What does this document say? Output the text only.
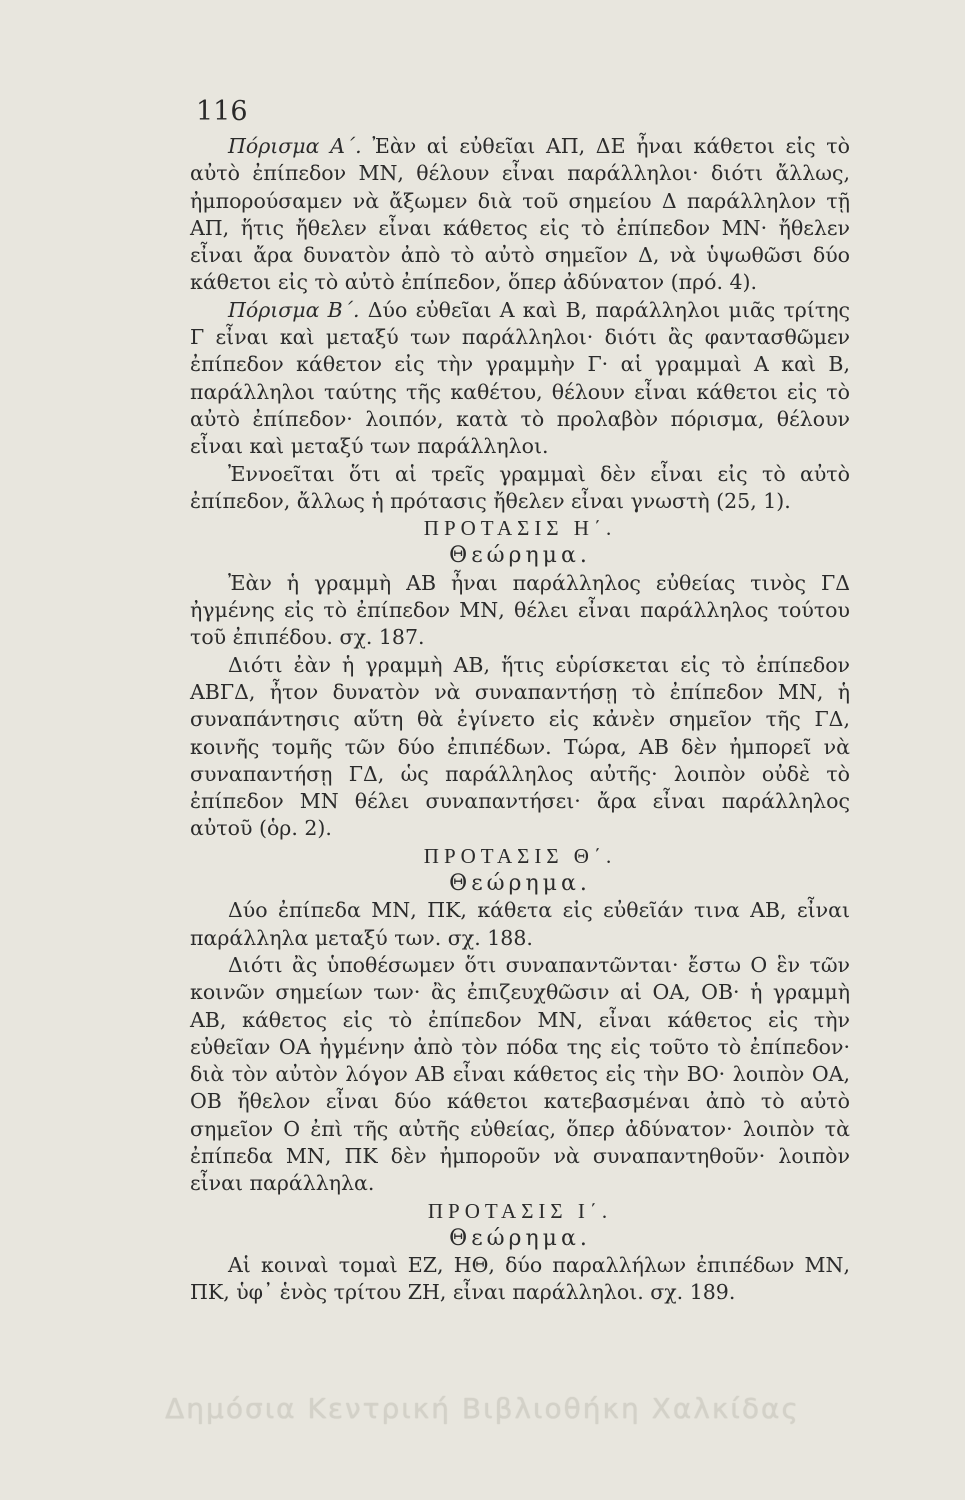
116

Πόρισμα Α΄. Ἐὰν αἱ εὐθεῖαι ΑΠ, ΔΕ ἦναι κάθετοι εἰς τὸ αὐτὸ ἐπίπεδον ΜΝ, θέλουν εἶναι παράλληλοι· διότι ἄλλως, ἠμπορούσαμεν νὰ ἄξωμεν διὰ τοῦ σημείου Δ παράλληλον τῇ ΑΠ, ἥτις ἤθελεν εἶναι κάθετος εἰς τὸ ἐπίπεδον ΜΝ· ἤθελεν εἶναι ἄρα δυνατὸν ἀπὸ τὸ αὐτὸ σημεῖον Δ, νὰ ὑψωθῶσι δύο κάθετοι εἰς τὸ αὐτὸ ἐπίπεδον, ὅπερ ἀδύνατον (πρό. 4).

Πόρισμα Β΄. Δύο εὐθεῖαι Α καὶ Β, παράλληλοι μιᾶς τρίτης Γ εἶναι καὶ μεταξύ των παράλληλοι· διότι ἂς φαντασθῶμεν ἐπίπεδον κάθετον εἰς τὴν γραμμὴν Γ· αἱ γραμμαὶ Α καὶ Β, παράλληλοι ταύτης τῆς καθέτου, θέλουν εἶναι κάθετοι εἰς τὸ αὐτὸ ἐπίπεδον· λοιπόν, κατὰ τὸ προλαβὸν πόρισμα, θέλουν εἶναι καὶ μεταξύ των παράλληλοι.

Ἐννοεῖται ὅτι αἱ τρεῖς γραμμαὶ δὲν εἶναι εἰς τὸ αὐτὸ ἐπίπεδον, ἄλλως ἡ πρότασις ἤθελεν εἶναι γνωστὴ (25, 1).

ΠΡΟΤΑΣΙΣ Η΄.

Θεώρημα.

Ἐὰν ἡ γραμμὴ ΑΒ ἦναι παράλληλος εὐθείας τινὸς ΓΔ ἠγμένης εἰς τὸ ἐπίπεδον ΜΝ, θέλει εἶναι παράλληλος τούτου τοῦ ἐπιπέδου. σχ. 187.

Διότι ἐὰν ἡ γραμμὴ ΑΒ, ἥτις εὑρίσκεται εἰς τὸ ἐπίπεδον ΑΒΓΔ, ἦτον δυνατὸν νὰ συναπαντήσῃ τὸ ἐπίπεδον ΜΝ, ἡ συναπάντησις αὕτη θὰ ἐγίνετο εἰς κἀνὲν σημεῖον τῆς ΓΔ, κοινῆς τομῆς τῶν δύο ἐπιπέδων. Τώρα, ΑΒ δὲν ἠμπορεῖ νὰ συναπαντήσῃ ΓΔ, ὡς παράλληλος αὐτῆς· λοιπὸν οὐδὲ τὸ ἐπίπεδον ΜΝ θέλει συναπαντήσει· ἄρα εἶναι παράλληλος αὐτοῦ (ὁρ. 2).

ΠΡΟΤΑΣΙΣ Θ΄.

Θεώρημα.

Δύο ἐπίπεδα ΜΝ, ΠΚ, κάθετα εἰς εὐθεῖάν τινα ΑΒ, εἶναι παράλληλα μεταξύ των. σχ. 188.

Διότι ἂς ὑποθέσωμεν ὅτι συναπαντῶνται· ἔστω Ο ἓν τῶν κοινῶν σημείων των· ἂς ἐπιζευχθῶσιν αἱ ΟΑ, ΟΒ· ἡ γραμμὴ ΑΒ, κάθετος εἰς τὸ ἐπίπεδον ΜΝ, εἶναι κάθετος εἰς τὴν εὐθεῖαν ΟΑ ἠγμένην ἀπὸ τὸν πόδα της εἰς τοῦτο τὸ ἐπίπεδον· διὰ τὸν αὐτὸν λόγον ΑΒ εἶναι κάθετος εἰς τὴν ΒΟ· λοιπὸν ΟΑ, ΟΒ ἤθελον εἶναι δύο κάθετοι κατεβασμέναι ἀπὸ τὸ αὐτὸ σημεῖον Ο ἐπὶ τῆς αὐτῆς εὐθείας, ὅπερ ἀδύνατον· λοιπὸν τὰ ἐπίπεδα ΜΝ, ΠΚ δὲν ἠμποροῦν νὰ συναπαντηθοῦν· λοιπὸν εἶναι παράλληλα.

ΠΡΟΤΑΣΙΣ Ι΄.

Θεώρημα.

Αἱ κοιναὶ τομαὶ ΕΖ, ΗΘ, δύο παραλλήλων ἐπιπέδων ΜΝ, ΠΚ, ὑφ᾽ ἑνὸς τρίτου ΖΗ, εἶναι παράλληλοι. σχ. 189.

Δημόσια Κεντρική Βιβλιοθήκη Χαλκίδας
